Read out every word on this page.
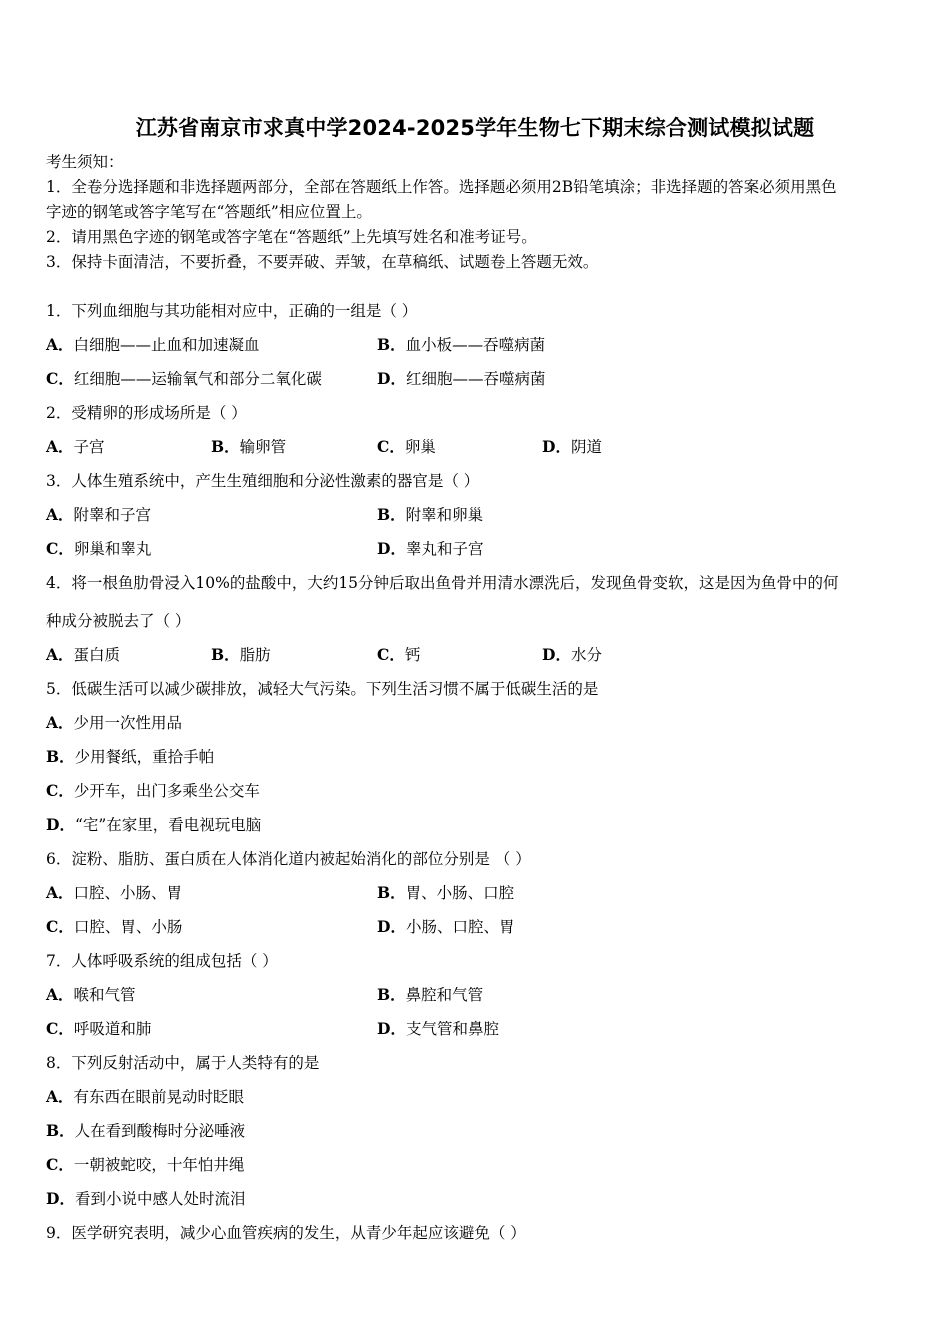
江苏省南京市求真中学2024-2025学年生物七下期末综合测试模拟试题
考生须知：
1．全卷分选择题和非选择题两部分，全部在答题纸上作答。选择题必须用2B铅笔填涂；非选择题的答案必须用黑色
字迹的钢笔或答字笔写在“答题纸”相应位置上。
2．请用黑色字迹的钢笔或答字笔在“答题纸”上先填写姓名和准考证号。
3．保持卡面清洁，不要折叠，不要弄破、弄皱，在草稿纸、试题卷上答题无效。
1．下列血细胞与其功能相对应中，正确的一组是（ ）
A．白细胞——止血和加速凝血	B．血小板——吞噬病菌
C．红细胞——运输氧气和部分二氧化碳	D．红细胞——吞噬病菌
2．受精卵的形成场所是（ ）
A．子宫	B．输卵管	C．卵巢	D．阴道
3．人体生殖系统中，产生生殖细胞和分泌性激素的器官是（ ）
A．附睾和子宫	B．附睾和卵巢
C．卵巢和睾丸	D．睾丸和子宫
4．将一根鱼肋骨浸入10%的盐酸中，大约15分钟后取出鱼骨并用清水漂洗后，发现鱼骨变软，这是因为鱼骨中的何
种成分被脱去了（ ）
A．蛋白质	B．脂肪	C．钙	D．水分
5．低碳生活可以减少碳排放，减轻大气污染。下列生活习惯不属于低碳生活的是
A．少用一次性用品
B．少用餐纸，重拾手帕
C．少开车，出门多乘坐公交车
D．“宅”在家里，看电视玩电脑
6．淀粉、脂肪、蛋白质在人体消化道内被起始消化的部位分别是 （ ）
A．口腔、小肠、胃	B．胃、小肠、口腔
C．口腔、胃、小肠	D．小肠、口腔、胃
7．人体呼吸系统的组成包括（ ）
A．喉和气管	B．鼻腔和气管
C．呼吸道和肺	D．支气管和鼻腔
8．下列反射活动中，属于人类特有的是
A．有东西在眼前晃动时眨眼
B．人在看到酸梅时分泌唾液
C．一朝被蛇咬，十年怕井绳
D．看到小说中感人处时流泪
9．医学研究表明，减少心血管疾病的发生，从青少年起应该避免（ ）
